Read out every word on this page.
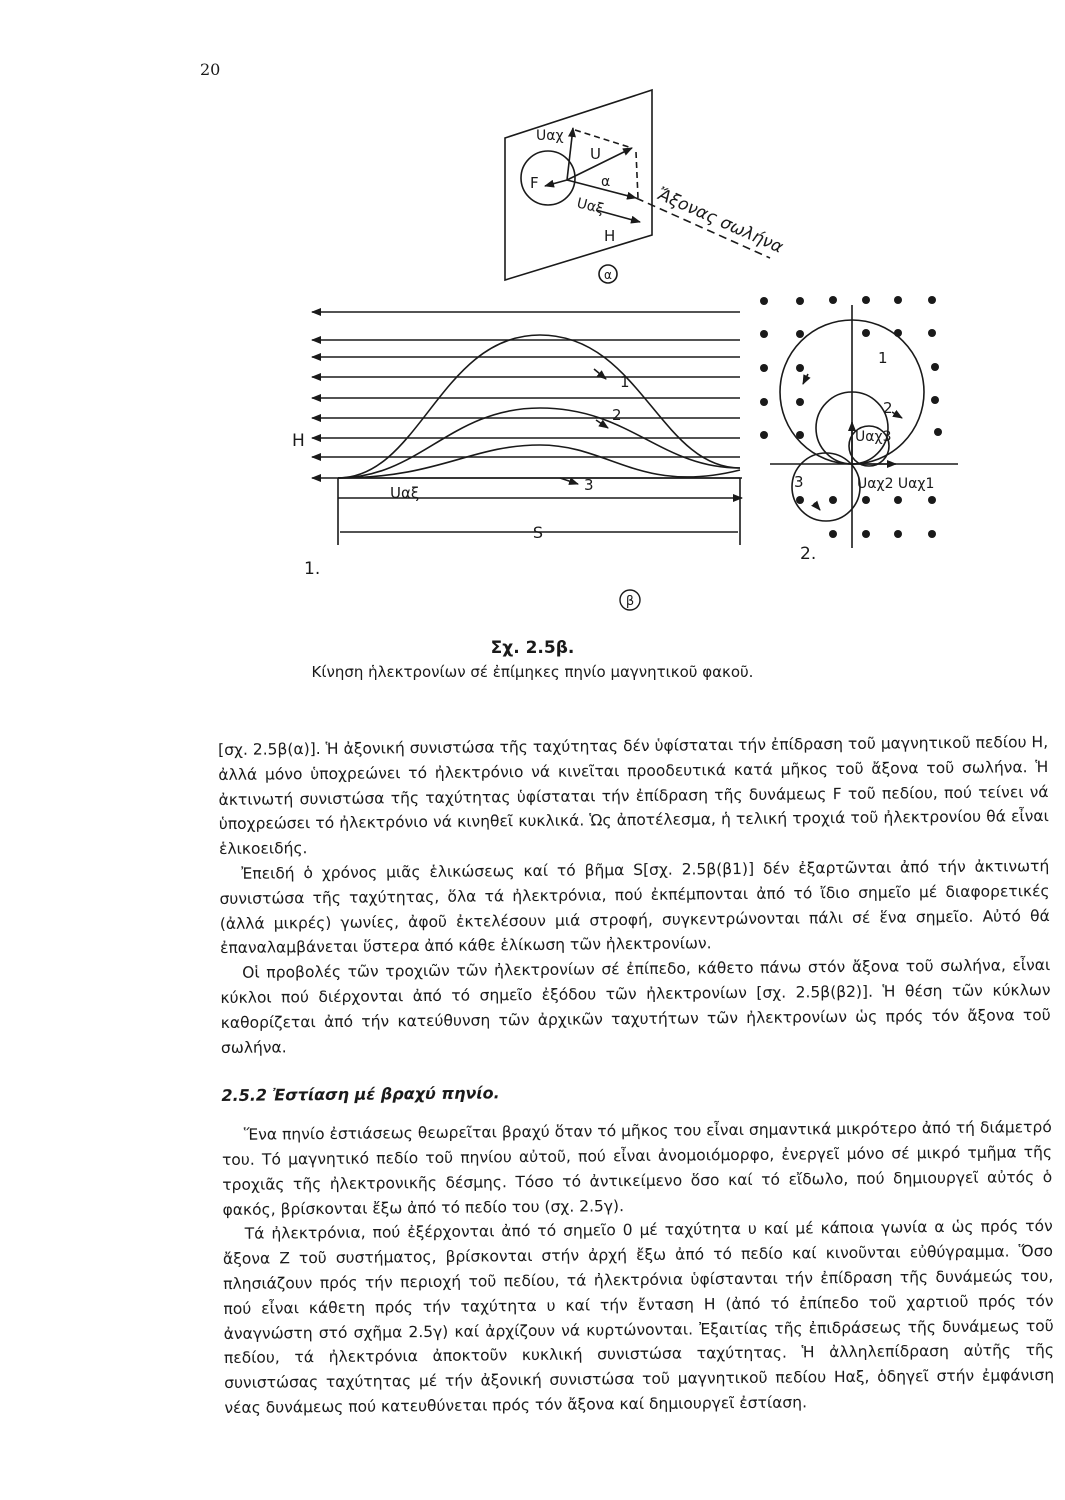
20
Uαχ
U
F	α
Uαξ
H Ἄξονας σωλήνα
α
H
Uαξ
1
2
3
S
1.
1
2
Uαχ3
3	Uαχ2 Uαχ1
2.
β
Σχ. 2.5β.
Κίνηση ἡλεκτρονίων σέ ἐπίμηκες πηνίο μαγνητικοῦ φακοῦ.

[σχ. 2.5β(α)]. Ἡ ἀξονική συνιστώσα τῆς ταχύτητας δέν ὑφίσταται τήν ἐπίδραση τοῦ μαγνητικοῦ πεδίου Η, ἀλλά μόνο ὑποχρεώνει τό ἠλεκτρόνιο νά κινεῖται προοδευτικά κατά μῆκος τοῦ ἄξονα τοῦ σωλήνα. Ἡ ἀκτινωτή συνιστώσα τῆς ταχύτητας ὑφίσταται τήν ἐπίδραση τῆς δυνάμεως F τοῦ πεδίου, πού τείνει νά ὑποχρεώσει τό ἠλεκτρόνιο νά κινηθεῖ κυκλικά. Ὡς ἀποτέλεσμα, ἡ τελική τροχιά τοῦ ἠλεκτρονίου θά εἶναι ἑλικοειδής.

Ἐπειδή ὁ χρόνος μιᾶς ἑλικώσεως καί τό βῆμα S[σχ. 2.5β(β1)] δέν ἐξαρτῶνται ἀπό τήν ἀκτινωτή συνιστώσα τῆς ταχύτητας, ὅλα τά ἠλεκτρόνια, πού ἐκπέμπονται ἀπό τό ἴδιο σημεῖο μέ διαφορετικές (ἀλλά μικρές) γωνίες, ἀφοῦ ἐκτελέσουν μιά στροφή, συγκεντρώνονται πάλι σέ ἕνα σημεῖο. Αὐτό θά ἐπαναλαμβάνεται ὕστερα ἀπό κάθε ἑλίκωση τῶν ἠλεκτρονίων.

Οἱ προβολές τῶν τροχιῶν τῶν ἠλεκτρονίων σέ ἐπίπεδο, κάθετο πάνω στόν ἄξονα τοῦ σωλήνα, εἶναι κύκλοι πού διέρχονται ἀπό τό σημεῖο ἐξόδου τῶν ἠλεκτρονίων [σχ. 2.5β(β2)]. Ἡ θέση τῶν κύκλων καθορίζεται ἀπό τήν κατεύθυνση τῶν ἀρχικῶν ταχυτήτων τῶν ἠλεκτρονίων ὡς πρός τόν ἄξονα τοῦ σωλήνα.

2.5.2 Ἐστίαση μέ βραχύ πηνίο.

Ἕνα πηνίο ἐστιάσεως θεωρεῖται βραχύ ὅταν τό μῆκος του εἶναι σημαντικά μικρότερο ἀπό τή διάμετρό του. Τό μαγνητικό πεδίο τοῦ πηνίου αὐτοῦ, πού εἶναι ἀνομοιόμορφο, ἐνεργεῖ μόνο σέ μικρό τμῆμα τῆς τροχιᾶς τῆς ἠλεκτρονικῆς δέσμης. Τόσο τό ἀντικείμενο ὅσο καί τό εἴδωλο, πού δημιουργεῖ αὐτός ὁ φακός, βρίσκονται ἔξω ἀπό τό πεδίο του (σχ. 2.5γ).

Τά ἠλεκτρόνια, πού ἐξέρχονται ἀπό τό σημεῖο 0 μέ ταχύτητα υ καί μέ κάποια γωνία α ὡς πρός τόν ἄξονα Ζ τοῦ συστήματος, βρίσκονται στήν ἀρχή ἔξω ἀπό τό πεδίο καί κινοῦνται εὐθύγραμμα. Ὅσο πλησιάζουν πρός τήν περιοχή τοῦ πεδίου, τά ἠλεκτρόνια ὑφίστανται τήν ἐπίδραση τῆς δυνάμεώς του, πού εἶναι κάθετη πρός τήν ταχύτητα υ καί τήν ἔνταση Η (ἀπό τό ἐπίπεδο τοῦ χαρτιοῦ πρός τόν ἀναγνώστη στό σχῆμα 2.5γ) καί ἀρχίζουν νά κυρτώνονται. Ἐξαιτίας τῆς ἐπιδράσεως τῆς δυνάμεως τοῦ πεδίου, τά ἠλεκτρόνια ἀποκτοῦν κυκλική συνιστώσα ταχύτητας. Ἡ ἀλληλεπίδραση αὐτῆς τῆς συνιστώσας ταχύτητας μέ τήν ἀξονική συνιστώσα τοῦ μαγνητικοῦ πεδίου Hαξ, ὁδηγεῖ στήν ἐμφάνιση νέας δυνάμεως πού κατευθύνεται πρός τόν ἄξονα καί δημιουργεῖ ἐστίαση.
